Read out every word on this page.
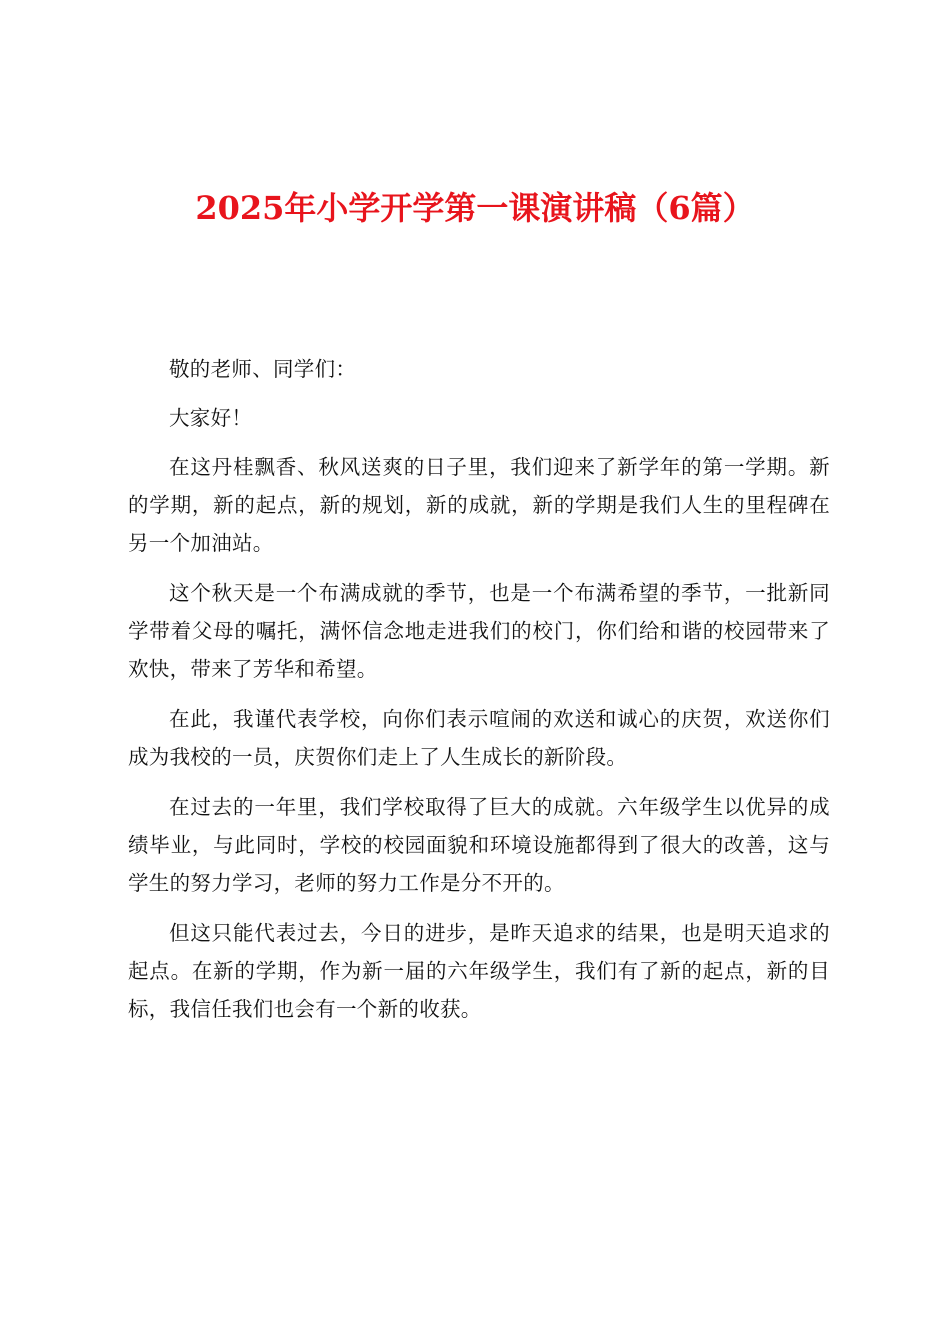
2025年小学开学第一课演讲稿（6篇）

敬的老师、同学们：

大家好！

在这丹桂飘香、秋风送爽的日子里，我们迎来了新学年的第一学期。新的学期，新的起点，新的规划，新的成就，新的学期是我们人生的里程碑在另一个加油站。

这个秋天是一个布满成就的季节，也是一个布满希望的季节，一批新同学带着父母的嘱托，满怀信念地走进我们的校门，你们给和谐的校园带来了欢快，带来了芳华和希望。

在此，我谨代表学校，向你们表示喧闹的欢送和诚心的庆贺，欢送你们成为我校的一员，庆贺你们走上了人生成长的新阶段。

在过去的一年里，我们学校取得了巨大的成就。六年级学生以优异的成绩毕业，与此同时，学校的校园面貌和环境设施都得到了很大的改善，这与学生的努力学习，老师的努力工作是分不开的。

但这只能代表过去，今日的进步，是昨天追求的结果，也是明天追求的起点。在新的学期，作为新一届的六年级学生，我们有了新的起点，新的目标，我信任我们也会有一个新的收获。
